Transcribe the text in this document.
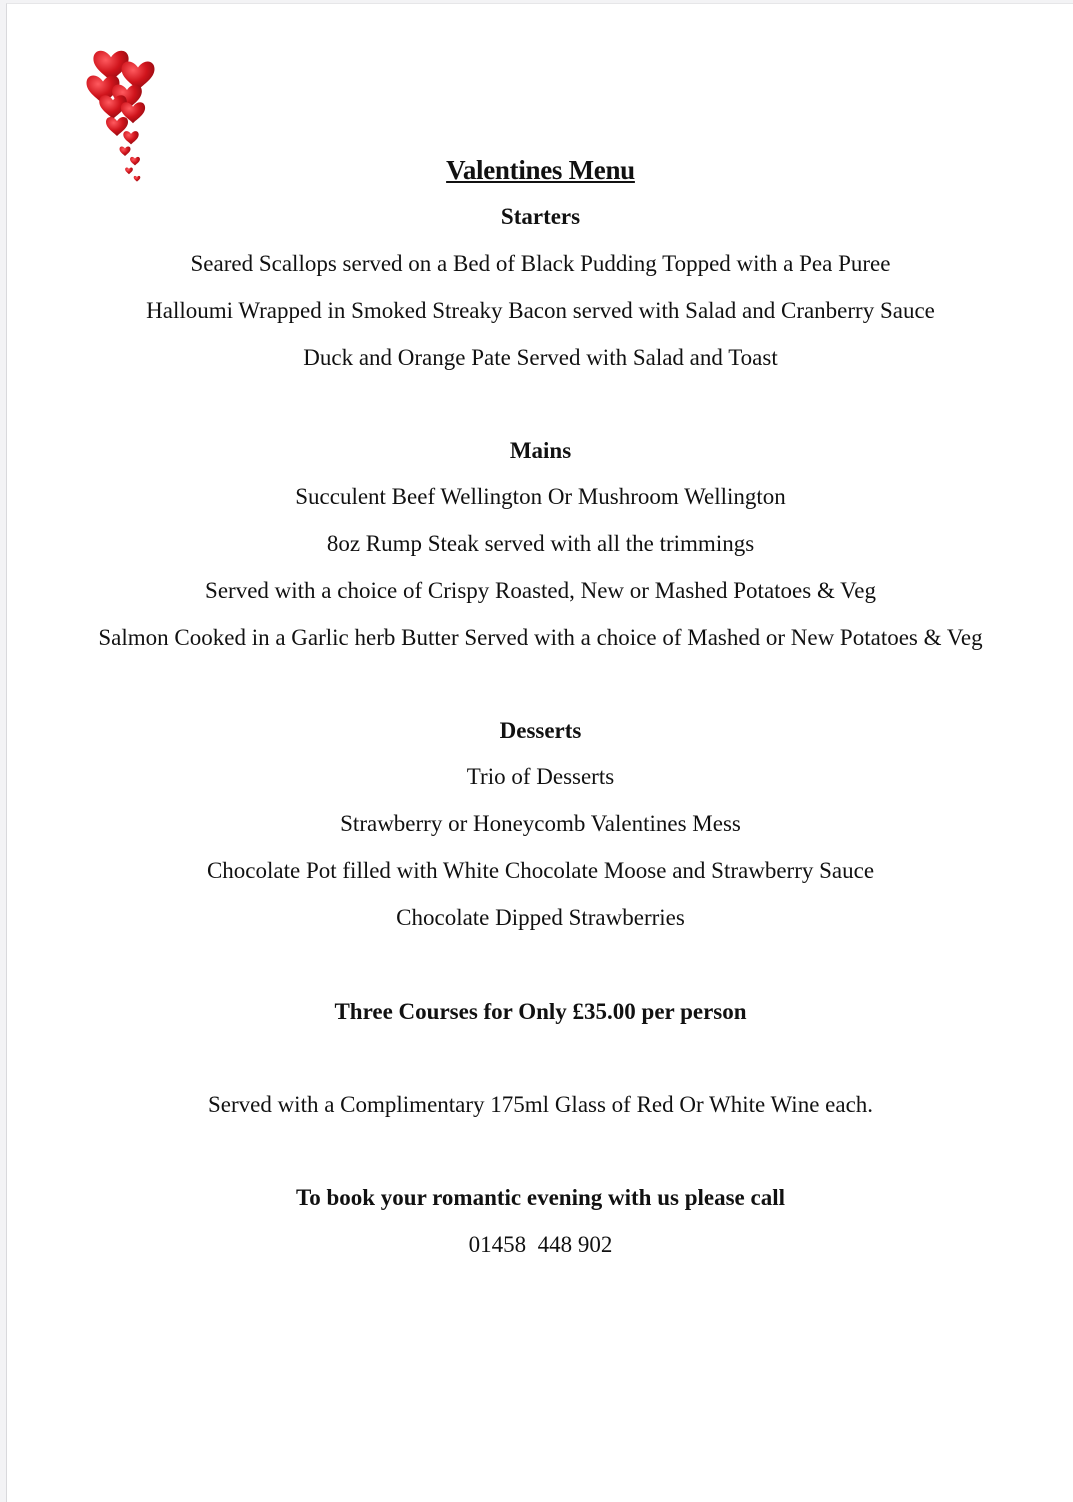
Valentines Menu

Starters

Seared Scallops served on a Bed of Black Pudding Topped with a Pea Puree

Halloumi Wrapped in Smoked Streaky Bacon served with Salad and Cranberry Sauce

Duck and Orange Pate Served with Salad and Toast

Mains

Succulent Beef Wellington Or Mushroom Wellington

8oz Rump Steak served with all the trimmings

Served with a choice of Crispy Roasted, New or Mashed Potatoes & Veg

Salmon Cooked in a Garlic herb Butter Served with a choice of Mashed or New Potatoes & Veg

Desserts

Trio of Desserts

Strawberry or Honeycomb Valentines Mess

Chocolate Pot filled with White Chocolate Moose and Strawberry Sauce

Chocolate Dipped Strawberries

Three Courses for Only £35.00 per person

Served with a Complimentary 175ml Glass of Red Or White Wine each.

To book your romantic evening with us please call

01458  448 902
